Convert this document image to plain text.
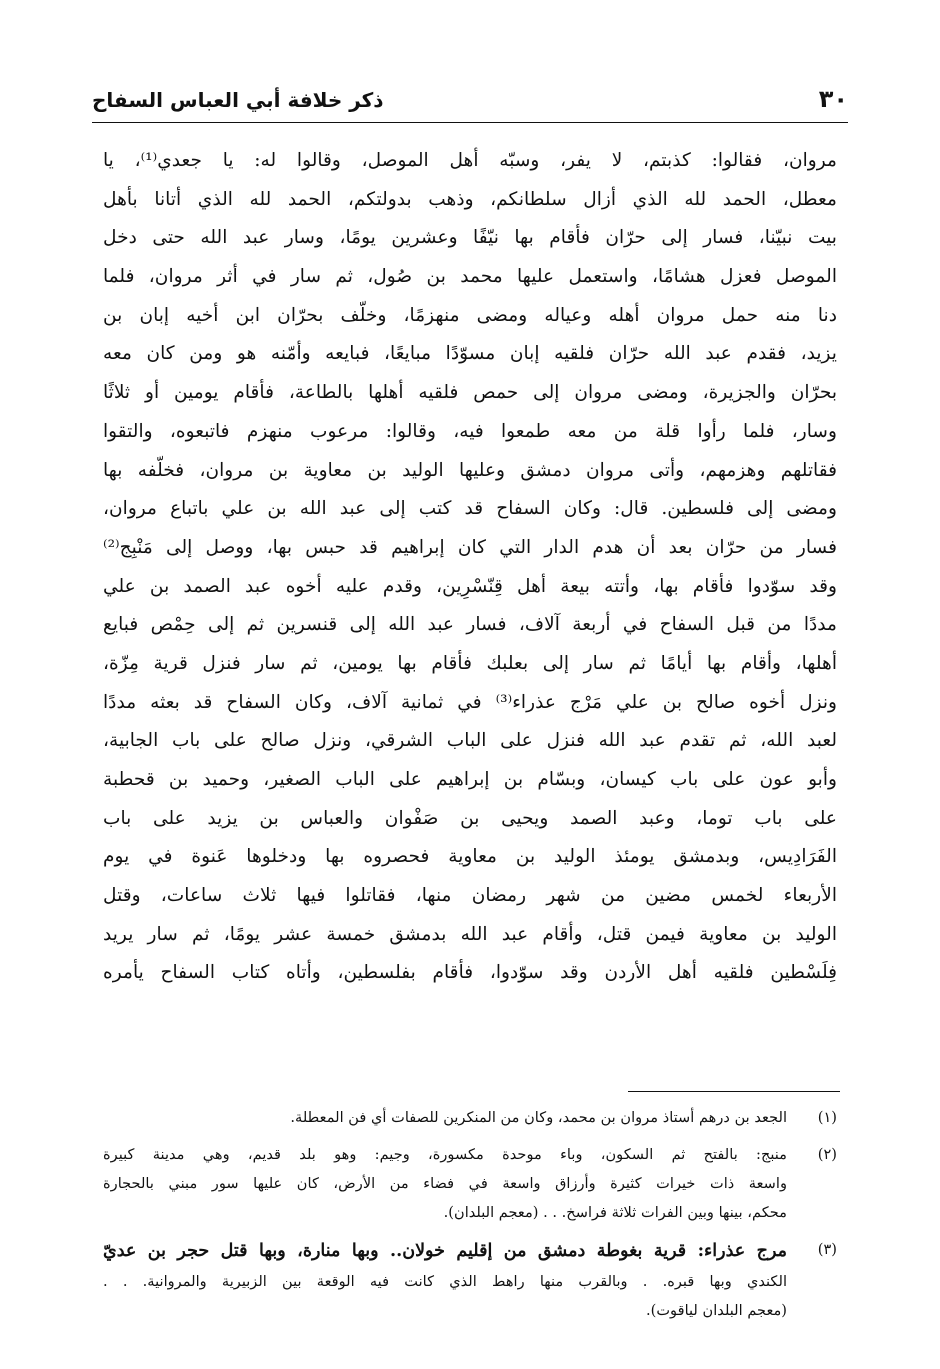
٣٠
ذكر خلافة أبي العباس السفاح
مروان، فقالوا: كذبتم، لا يفر، وسبّه أهل الموصل، وقالوا له: يا جعدي⁽¹⁾، يا
معطل، الحمد لله الذي أزال سلطانكم، وذهب بدولتكم، الحمد لله الذي أتانا بأهل
بيت نبيّنا، فسار إلى حرّان فأقام بها نيّفًا وعشرين يومًا، وسار عبد الله حتى دخل
الموصل فعزل هشامًا، واستعمل عليها محمد بن صُول، ثم سار في أثر مروان، فلما
دنا منه حمل مروان أهله وعياله ومضى منهزمًا، وخلّف بحرّان ابن أخيه إبان بن
يزيد، فقدم عبد الله حرّان فلقيه إبان مسوّدًا مبايعًا، فبايعه وأمّنه هو ومن كان معه
بحرّان والجزيرة، ومضى مروان إلى حمص فلقيه أهلها بالطاعة، فأقام يومين أو ثلاثًا
وسار، فلما رأوا قلة من معه طمعوا فيه، وقالوا: مرعوب منهزم فاتبعوه، والتقوا
فقاتلهم وهزمهم، وأتى مروان دمشق وعليها الوليد بن معاوية بن مروان، فخلّفه بها
ومضى إلى فلسطين. قال: وكان السفاح قد كتب إلى عبد الله بن علي باتباع مروان،
فسار من حرّان بعد أن هدم الدار التي كان إبراهيم قد حبس بها، ووصل إلى مَنْبِج⁽²⁾
وقد سوّدوا فأقام بها، وأتته بيعة أهل قِنّسْرِين، وقدم عليه أخوه عبد الصمد بن علي
مددًا من قبل السفاح في أربعة آلاف، فسار عبد الله إلى قنسرين ثم إلى حِمْص فبايع
أهلها، وأقام بها أيامًا ثم سار إلى بعلبك فأقام بها يومين، ثم سار فنزل قرية مِزّة،
ونزل أخوه صالح بن علي مَرْج عذراء⁽³⁾ في ثمانية آلاف، وكان السفاح قد بعثه مددًا
لعبد الله، ثم تقدم عبد الله فنزل على الباب الشرقي، ونزل صالح على باب الجابية،
وأبو عون على باب كيسان، وبسّام بن إبراهيم على الباب الصغير، وحميد بن قحطبة
على باب توما، وعبد الصمد ويحيى بن صَفْوان والعباس بن يزيد على باب
الفَرَادِيس، وبدمشق يومئذ الوليد بن معاوية فحصروه بها ودخلوها عَنوة في يوم
الأربعاء لخمس مضين من شهر رمضان منها، فقاتلوا فيها ثلاث ساعات، وقتل
الوليد بن معاوية فيمن قتل، وأقام عبد الله بدمشق خمسة عشر يومًا، ثم سار يريد
فِلَسْطين فلقيه أهل الأردن وقد سوّدوا، فأقام بفلسطين، وأتاه كتاب السفاح يأمره
(١)
الجعد بن درهم أستاذ مروان بن محمد، وكان من المنكرين للصفات أي فن المعطلة.
(٢)
منبج: بالفتح ثم السكون، وباء موحدة مكسورة، وجيم: وهو بلد قديم، وهي مدينة كبيرة
واسعة ذات خيرات كثيرة وأرزاق واسعة في فضاء من الأرض، كان عليها سور مبني بالحجارة
محكم، بينها وبين الفرات ثلاثة فراسخ. . . (معجم البلدان).
(٣)
مرج عذراء: قرية بغوطة دمشق من إقليم خولان.. وبها منارة، وبها قتل حجر بن عديّ
الكندي وبها قبره. . وبالقرب منها راهط الذي كانت فيه الوقعة بين الزبيرية والمروانية. . .
(معجم البلدان لياقوت).
